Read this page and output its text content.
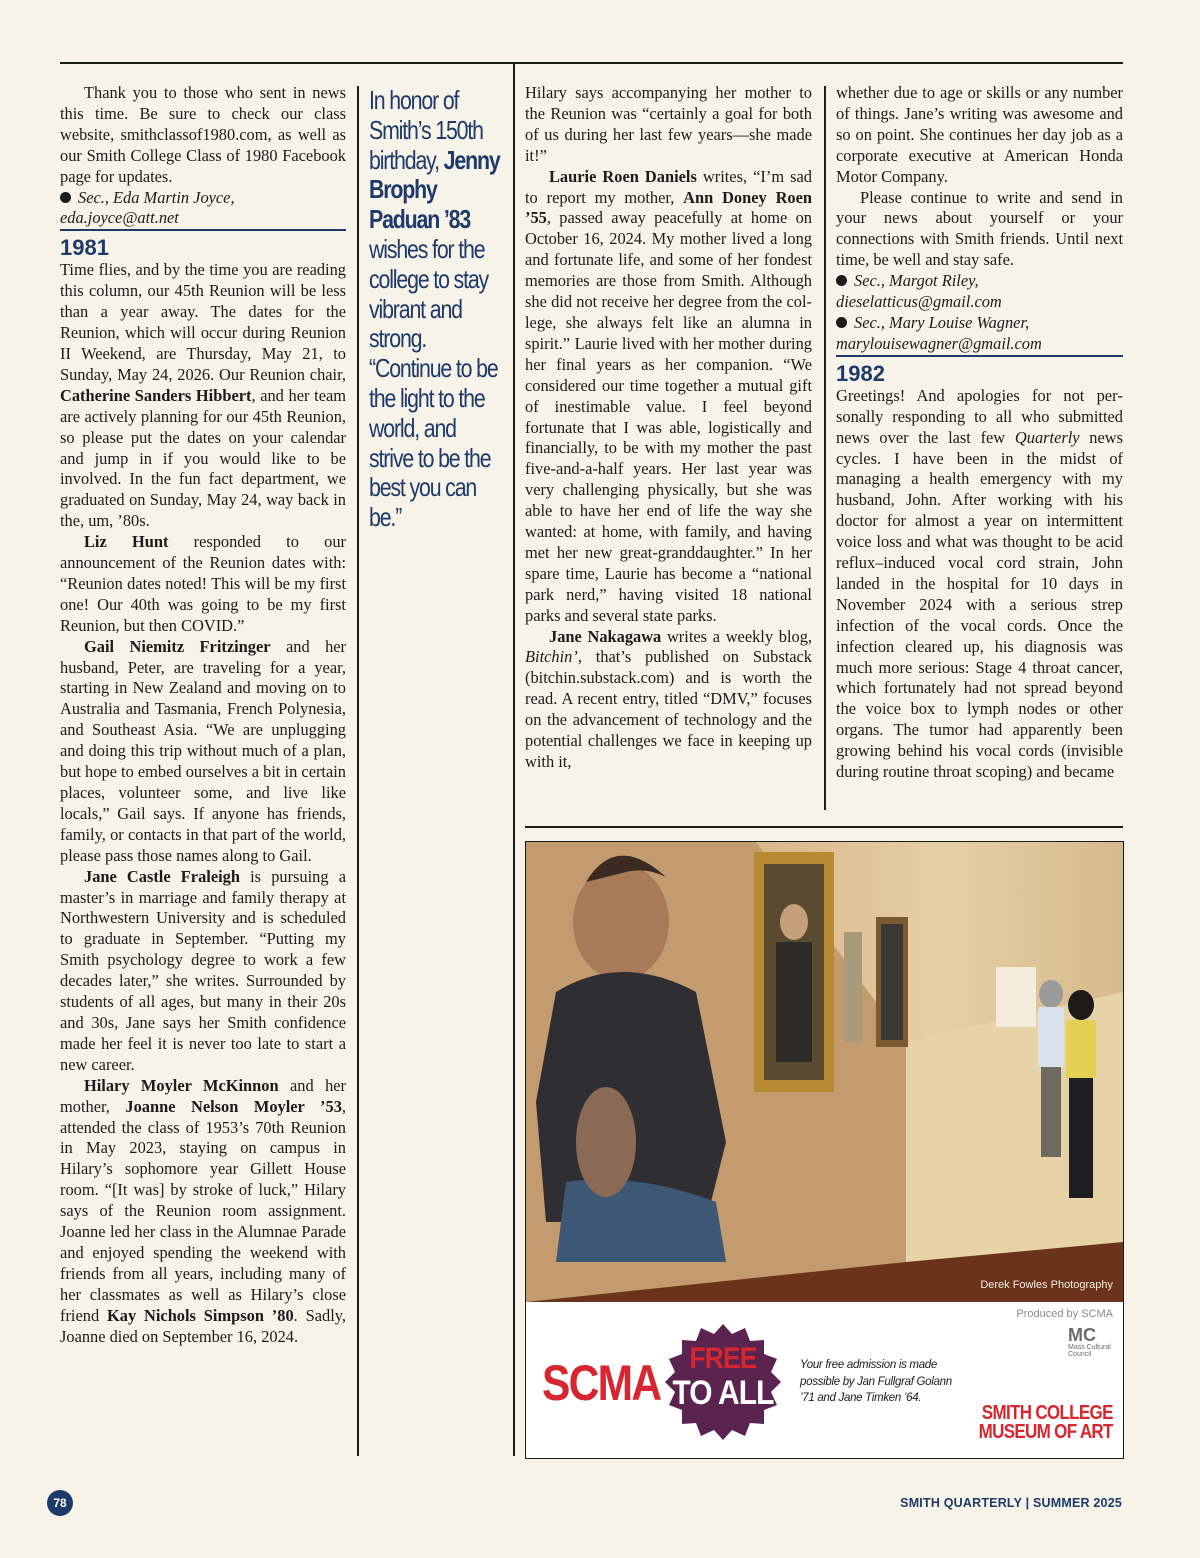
Thank you to those who sent in news this time. Be sure to check our class website, smithclassof1980.com, as well as our Smith College Class of 1980 Facebook page for updates.

Sec., Eda Martin Joyce,

eda.joyce@att.net

1981

Time flies, and by the time you are reading this column, our 45th Reunion will be less than a year away. The dates for the Reunion, which will occur during Reunion II Weekend, are Thursday, May 21, to Sunday, May 24, 2026. Our Reunion chair, Catherine Sanders Hibbert, and her team are actively planning for our 45th Reunion, so please put the dates on your calendar and jump in if you would like to be involved. In the fun fact department, we graduated on Sunday, May 24, way back in the, um, ’80s.

Liz Hunt responded to our announcement of the Reunion dates with: “Reunion dates noted! This will be my first one! Our 40th was going to be my first Reunion, but then COVID.”

Gail Niemitz Fritzinger and her husband, Peter, are traveling for a year, starting in New Zealand and moving on to Australia and Tasmania, French Polynesia, and Southeast Asia. “We are unplugging and doing this trip without much of a plan, but hope to embed ourselves a bit in certain places, volunteer some, and live like locals,” Gail says. If anyone has friends, family, or contacts in that part of the world, please pass those names along to Gail.

Jane Castle Fraleigh is pursuing a master’s in marriage and family therapy at Northwestern University and is scheduled to graduate in September. “Putting my Smith psychology degree to work a few decades later,” she writes. Surrounded by students of all ages, but many in their 20s and 30s, Jane says her Smith confidence made her feel it is never too late to start a new career.

Hilary Moyler McKinnon and her mother, Joanne Nelson Moyler ’53, attended the class of 1953’s 70th Reunion in May 2023, staying on campus in Hilary’s sophomore year Gillett House room. “[It was] by stroke of luck,” Hilary says of the Reunion room assignment. Joanne led her class in the Alumnae Parade and enjoyed spending the weekend with friends from all years, including many of her classmates as well as Hilary’s close friend Kay Nichols Simpson ’80. Sadly, Joanne died on September 16, 2024.

In honor of Smith’s 150th birthday, Jenny Brophy Paduan ’83 wishes for the college to stay vibrant and strong. “Continue to be the light to the world, and strive to be the best you can be.”

Hilary says accompanying her mother to the Reunion was “certainly a goal for both of us during her last few years—she made it!”

Laurie Roen Daniels writes, “I’m sad to report my mother, Ann Doney Roen ’55, passed away peacefully at home on October 16, 2024. My mother lived a long and fortunate life, and some of her fondest memories are those from Smith. Although she did not receive her degree from the college, she always felt like an alumna in spirit.” Laurie lived with her mother during her final years as her companion. “We considered our time together a mutual gift of inestimable value. I feel beyond fortunate that I was able, logistically and financially, to be with my mother the past five-and-a-half years. Her last year was very challenging physically, but she was able to have her end of life the way she wanted: at home, with family, and having met her new great-granddaughter.” In her spare time, Laurie has become a “national park nerd,” having visited 18 national parks and several state parks.

Jane Nakagawa writes a weekly blog, Bitchin’, that’s published on Substack (bitchin.substack.com) and is worth the read. A recent entry, titled “DMV,” focuses on the advancement of technology and the potential challenges we face in keeping up with it,

whether due to age or skills or any number of things. Jane’s writing was awesome and so on point. She continues her day job as a corporate executive at American Honda Motor Company.

Please continue to write and send in your news about yourself or your connections with Smith friends. Until next time, be well and stay safe.

Sec., Margot Riley,

dieselatticus@gmail.com

Sec., Mary Louise Wagner,

marylouisewagner@gmail.com

1982

Greetings! And apologies for not personally responding to all who submitted news over the last few Quarterly news cycles. I have been in the midst of managing a health emergency with my husband, John. After working with his doctor for almost a year on intermittent voice loss and what was thought to be acid reflux–induced vocal cord strain, John landed in the hospital for 10 days in November 2024 with a serious strep infection of the vocal cords. Once the infection cleared up, his diagnosis was much more serious: Stage 4 throat cancer, which fortunately had not spread beyond the voice box to lymph nodes or other organs. The tumor had apparently been growing behind his vocal cords (invisible during routine throat scoping) and became

Derek Fowles Photography
Produced by SCMA
MC Mass Cultural Council
SCMA FREE
TO ALL
Your free admission is made possible by Jan Fullgraf Golann ’71 and Jane Timken ’64.
SMITH COLLEGE
MUSEUM OF ART
78	SMITH QUARTERLY | SUMMER 2025
